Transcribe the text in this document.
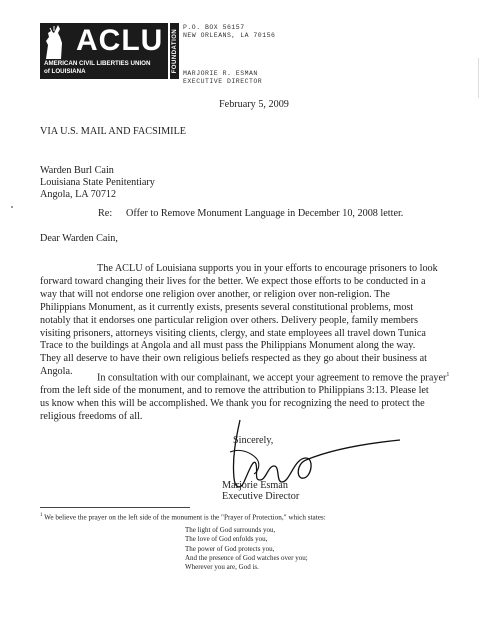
ACLU
AMERICAN CIVIL LIBERTIES UNION
of LOUISIANA	FOUNDATION
P.O. BOX 56157
NEW ORLEANS, LA 70156
MARJORIE R. ESMAN
EXECUTIVE DIRECTOR
February 5, 2009
VIA U.S. MAIL AND FACSIMILE
Warden Burl Cain
Louisiana State Penitentiary
Angola, LA 70712
Re: Offer to Remove Monument Language in December 10, 2008 letter.
Dear Warden Cain,
The ACLU of Louisiana supports you in your efforts to encourage prisoners to look
forward toward changing their lives for the better. We expect those efforts to be conducted in a
way that will not endorse one religion over another, or religion over non-religion. The
Philippians Monument, as it currently exists, presents several constitutional problems, most
notably that it endorses one particular religion over others. Delivery people, family members
visiting prisoners, attorneys visiting clients, clergy, and state employees all travel down Tunica
Trace to the buildings at Angola and all must pass the Philippians Monument along the way.
They all deserve to have their own religious beliefs respected as they go about their business at
Angola.
In consultation with our complainant, we accept your agreement to remove the prayer$^1$
from the left side of the monument, and to remove the attribution to Philippians 3:13. Please let
us know when this will be accomplished. We thank you for recognizing the need to protect the
religious freedoms of all.
Sincerely,
Marjorie Esman
Executive Director
$^1$ We believe the prayer on the left side of the monument is the "Prayer of Protection," which states:
The light of God surrounds you,
The love of God enfolds you,
The power of God protects you,
And the presence of God watches over you;
Wherever you are, God is.
